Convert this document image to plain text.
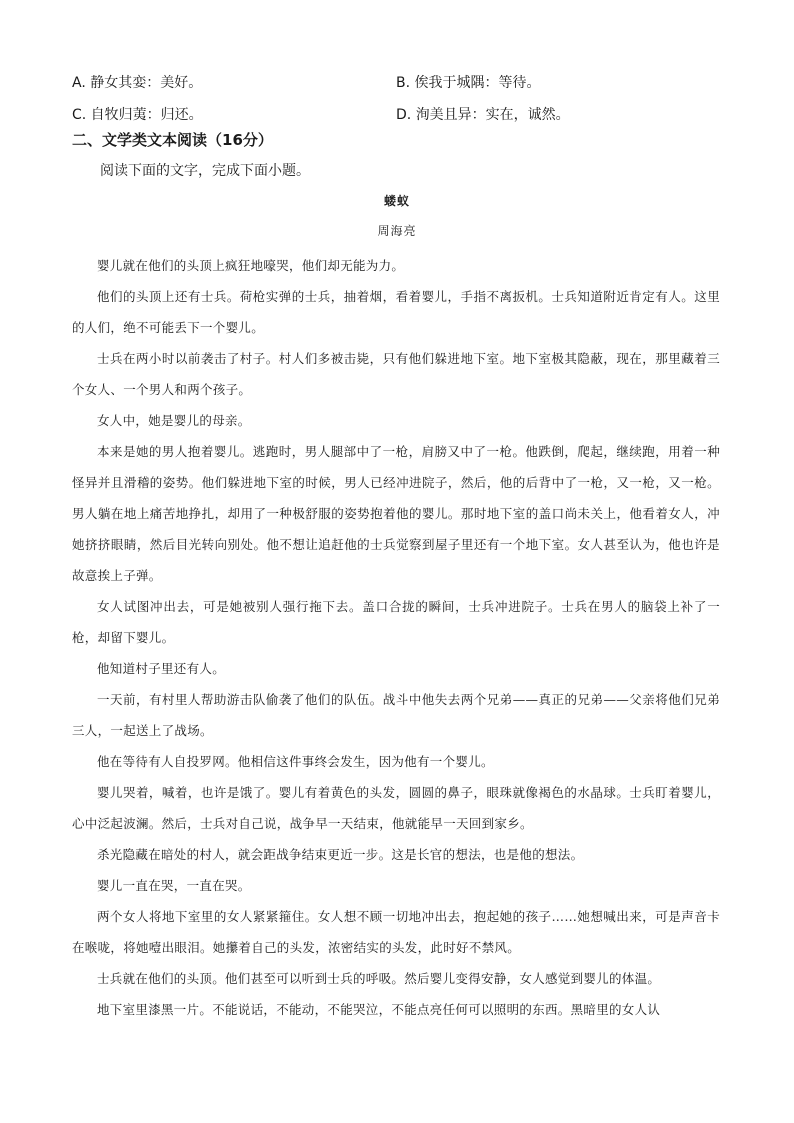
A. 静女其娈：美好。	B. 俟我于城隅：等待。
C. 自牧归荑：归还。	D. 洵美且异：实在，诚然。
二、文学类文本阅读（16分）
阅读下面的文字，完成下面小题。
蝼蚁
周海亮

婴儿就在他们的头顶上疯狂地嚎哭，他们却无能为力。

他们的头顶上还有士兵。荷枪实弹的士兵，抽着烟，看着婴儿，手指不离扳机。士兵知道附近肯定有人。这里的人们，绝不可能丢下一个婴儿。

士兵在两小时以前袭击了村子。村人们多被击毙，只有他们躲进地下室。地下室极其隐蔽，现在，那里藏着三个女人、一个男人和两个孩子。

女人中，她是婴儿的母亲。

本来是她的男人抱着婴儿。逃跑时，男人腿部中了一枪，肩膀又中了一枪。他跌倒，爬起，继续跑，用着一种怪异并且滑稽的姿势。他们躲进地下室的时候，男人已经冲进院子，然后，他的后背中了一枪，又一枪，又一枪。男人躺在地上痛苦地挣扎，却用了一种极舒服的姿势抱着他的婴儿。那时地下室的盖口尚未关上，他看着女人，冲她挤挤眼睛，然后目光转向别处。他不想让追赶他的士兵觉察到屋子里还有一个地下室。女人甚至认为，他也许是故意挨上子弹。

女人试图冲出去，可是她被别人强行拖下去。盖口合拢的瞬间，士兵冲进院子。士兵在男人的脑袋上补了一枪，却留下婴儿。

他知道村子里还有人。

一天前，有村里人帮助游击队偷袭了他们的队伍。战斗中他失去两个兄弟——真正的兄弟——父亲将他们兄弟三人，一起送上了战场。

他在等待有人自投罗网。他相信这件事终会发生，因为他有一个婴儿。

婴儿哭着，喊着，也许是饿了。婴儿有着黄色的头发，圆圆的鼻子，眼珠就像褐色的水晶球。士兵盯着婴儿，心中泛起波澜。然后，士兵对自己说，战争早一天结束，他就能早一天回到家乡。

杀光隐藏在暗处的村人，就会距战争结束更近一步。这是长官的想法，也是他的想法。

婴儿一直在哭，一直在哭。

两个女人将地下室里的女人紧紧箍住。女人想不顾一切地冲出去，抱起她的孩子……她想喊出来，可是声音卡在喉咙，将她噎出眼泪。她攥着自己的头发，浓密结实的头发，此时好不禁风。

士兵就在他们的头顶。他们甚至可以听到士兵的呼吸。然后婴儿变得安静，女人感觉到婴儿的体温。

地下室里漆黑一片。不能说话，不能动，不能哭泣，不能点亮任何可以照明的东西。黑暗里的女人认
